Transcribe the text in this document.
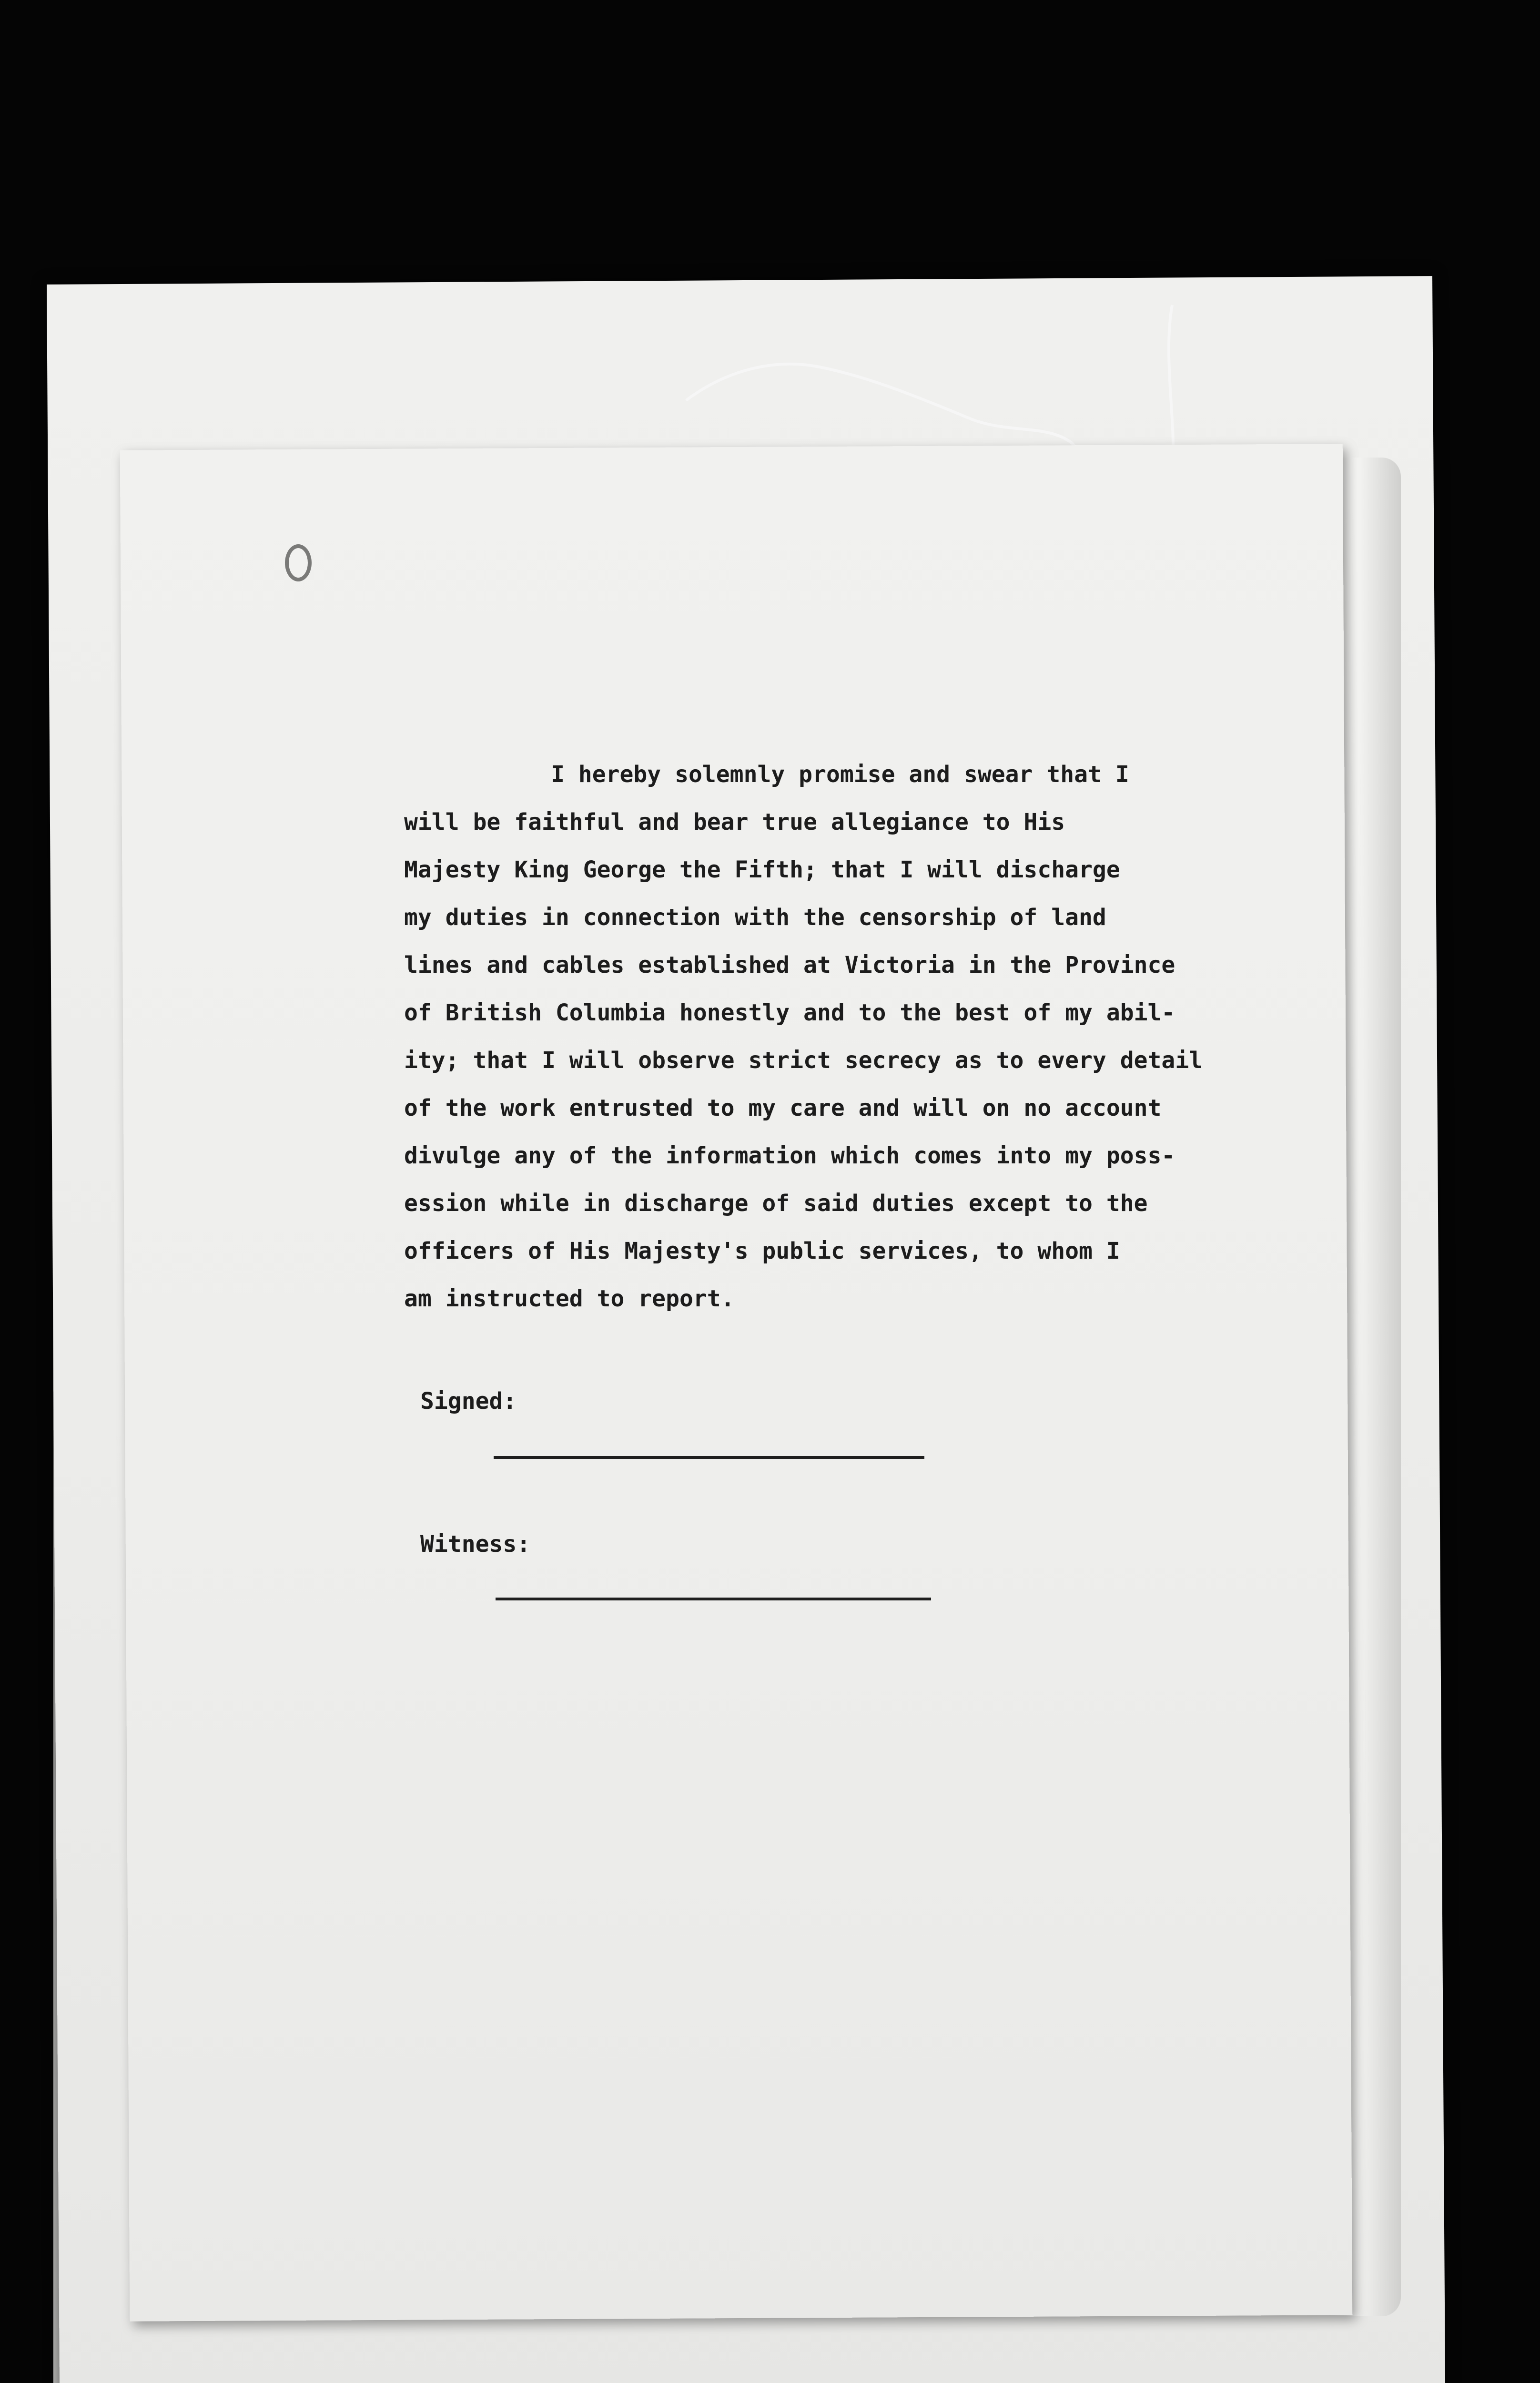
I hereby solemnly promise and swear that I
will be faithful and bear true allegiance to His
Majesty King George the Fifth; that I will discharge
my duties in connection with the censorship of land
lines and cables established at Victoria in the Province
of British Columbia honestly and to the best of my abil-
ity; that I will observe strict secrecy as to every detail
of the work entrusted to my care and will on no account
divulge any of the information which comes into my poss-
ession while in discharge of said duties except to the
officers of His Majesty's public services, to whom I
am instructed to report.
Signed:
Witness:
